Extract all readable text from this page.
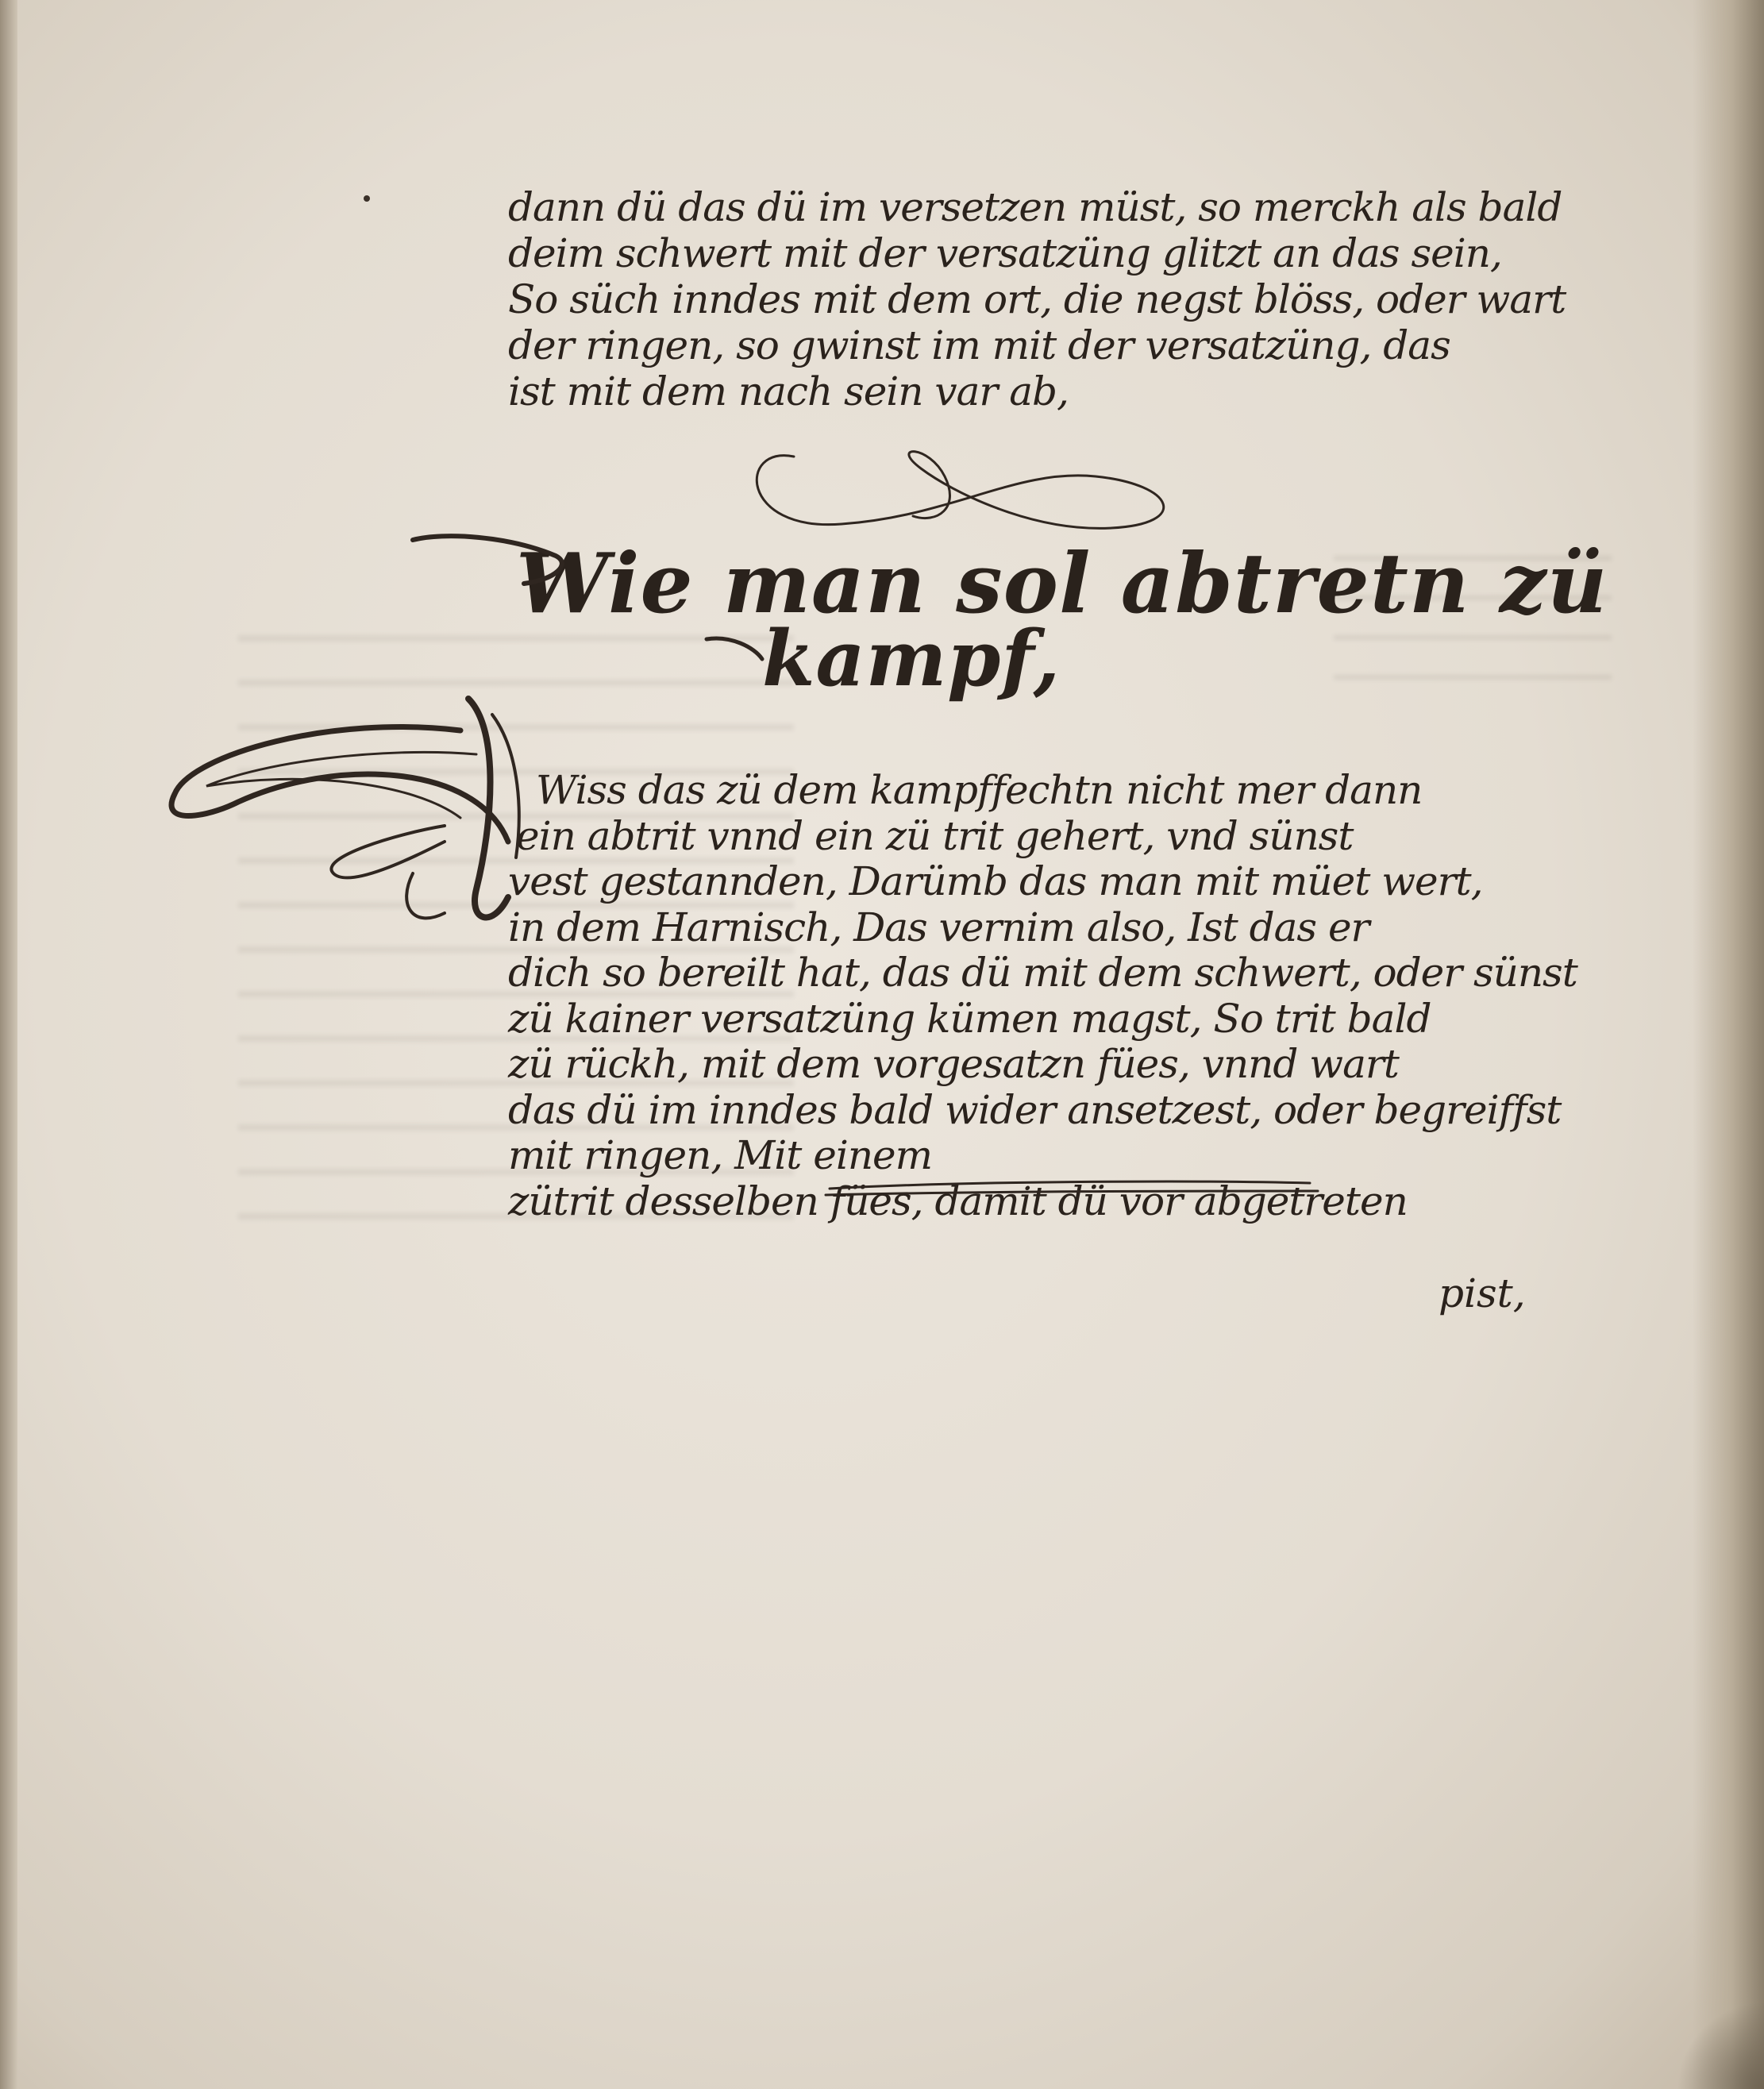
dann dü das dü im versetzen müst, so merckh als bald
deim schwert mit der versatzüng glitzt an das sein,
So süch inndes mit dem ort, die negst blöss, oder wart
der ringen, so gwinst im mit der versatzüng, das
ist mit dem nach sein var ab,
Wie man sol abtretn zü
kampf,
Wiss das zü dem kampffechtn nicht mer dann
ein abtrit vnnd ein zü trit gehert, vnd sünst
vest gestannden, Darümb das man mit müet wert,
in dem Harnisch, Das vernim also, Ist das er
dich so bereilt hat, das dü mit dem schwert, oder sünst
zü kainer versatzüng kümen magst, So trit bald
zü rückh, mit dem vorgesatzn fües, vnnd wart
das dü im inndes bald wider ansetzest, oder begreiffst
mit ringen, Mit einem
zütrit desselben fües, damit dü vor abgetreten
pist,
